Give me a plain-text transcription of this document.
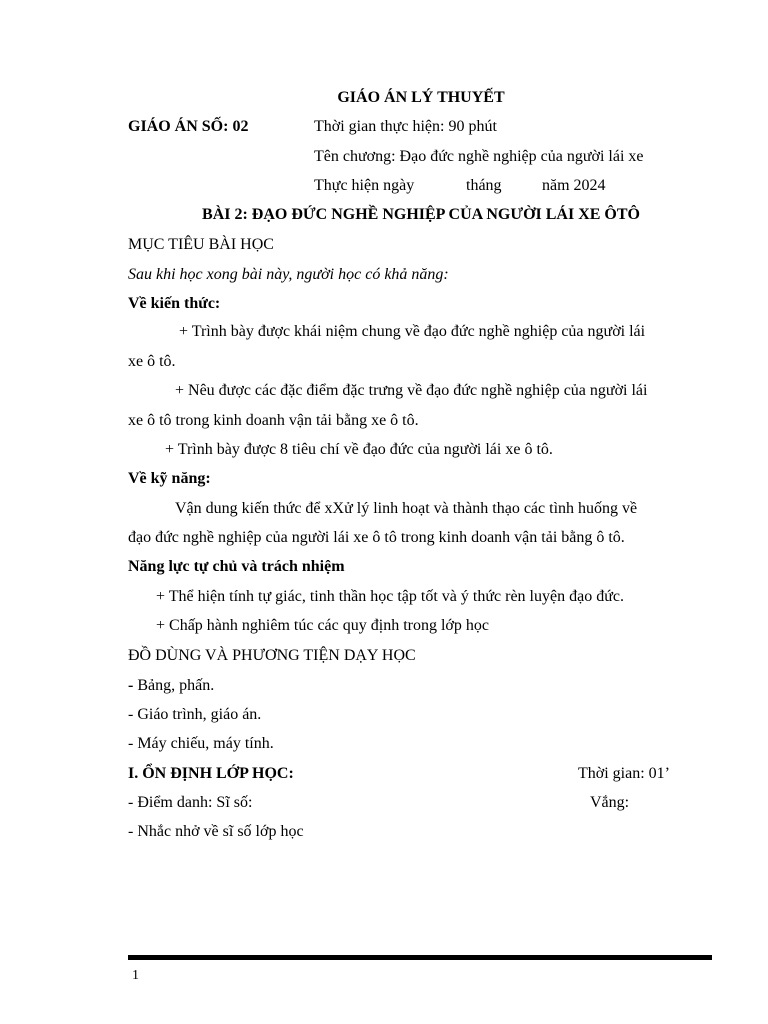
GIÁO ÁN LÝ THUYẾT
GIÁO ÁN SỐ: 02	Thời gian thực hiện: 90 phút
Tên chương: Đạo đức nghề nghiệp của người lái xe
Thực hiện ngày	tháng	năm 2024
BÀI 2: ĐẠO ĐỨC NGHỀ NGHIỆP CỦA NGƯỜI LÁI XE ÔTÔ
MỤC TIÊU BÀI HỌC
Sau khi học xong bài này, người học có khả năng:
Về kiến thức:
+ Trình bày được khái niệm chung về đạo đức nghề nghiệp của người lái
xe ô tô.
+ Nêu được các đặc điểm đặc trưng về đạo đức nghề nghiệp của người lái
xe ô tô trong kinh doanh vận tải bằng xe ô tô.
+ Trình bày được 8 tiêu chí về đạo đức của người lái xe ô tô.
Về kỹ năng:
Vận dung kiến thức để xXử lý linh hoạt và thành thạo các tình huống về
đạo đức nghề nghiệp của người lái xe ô tô trong kinh doanh vận tải bằng ô tô.
Năng lực tự chủ và trách nhiệm
+ Thể hiện tính tự giác, tinh thần học tập tốt và ý thức rèn luyện đạo đức.
+ Chấp hành nghiêm túc các quy định trong lớp học
ĐỒ DÙNG VÀ PHƯƠNG TIỆN DẠY HỌC
- Bảng, phấn.
- Giáo trình, giáo án.
- Máy chiếu, máy tính.
I. ỔN ĐỊNH LỚP HỌC:	Thời gian: 01’
- Điểm danh: Sĩ số:	Vắng:
- Nhắc nhở về sĩ số lớp học
1
